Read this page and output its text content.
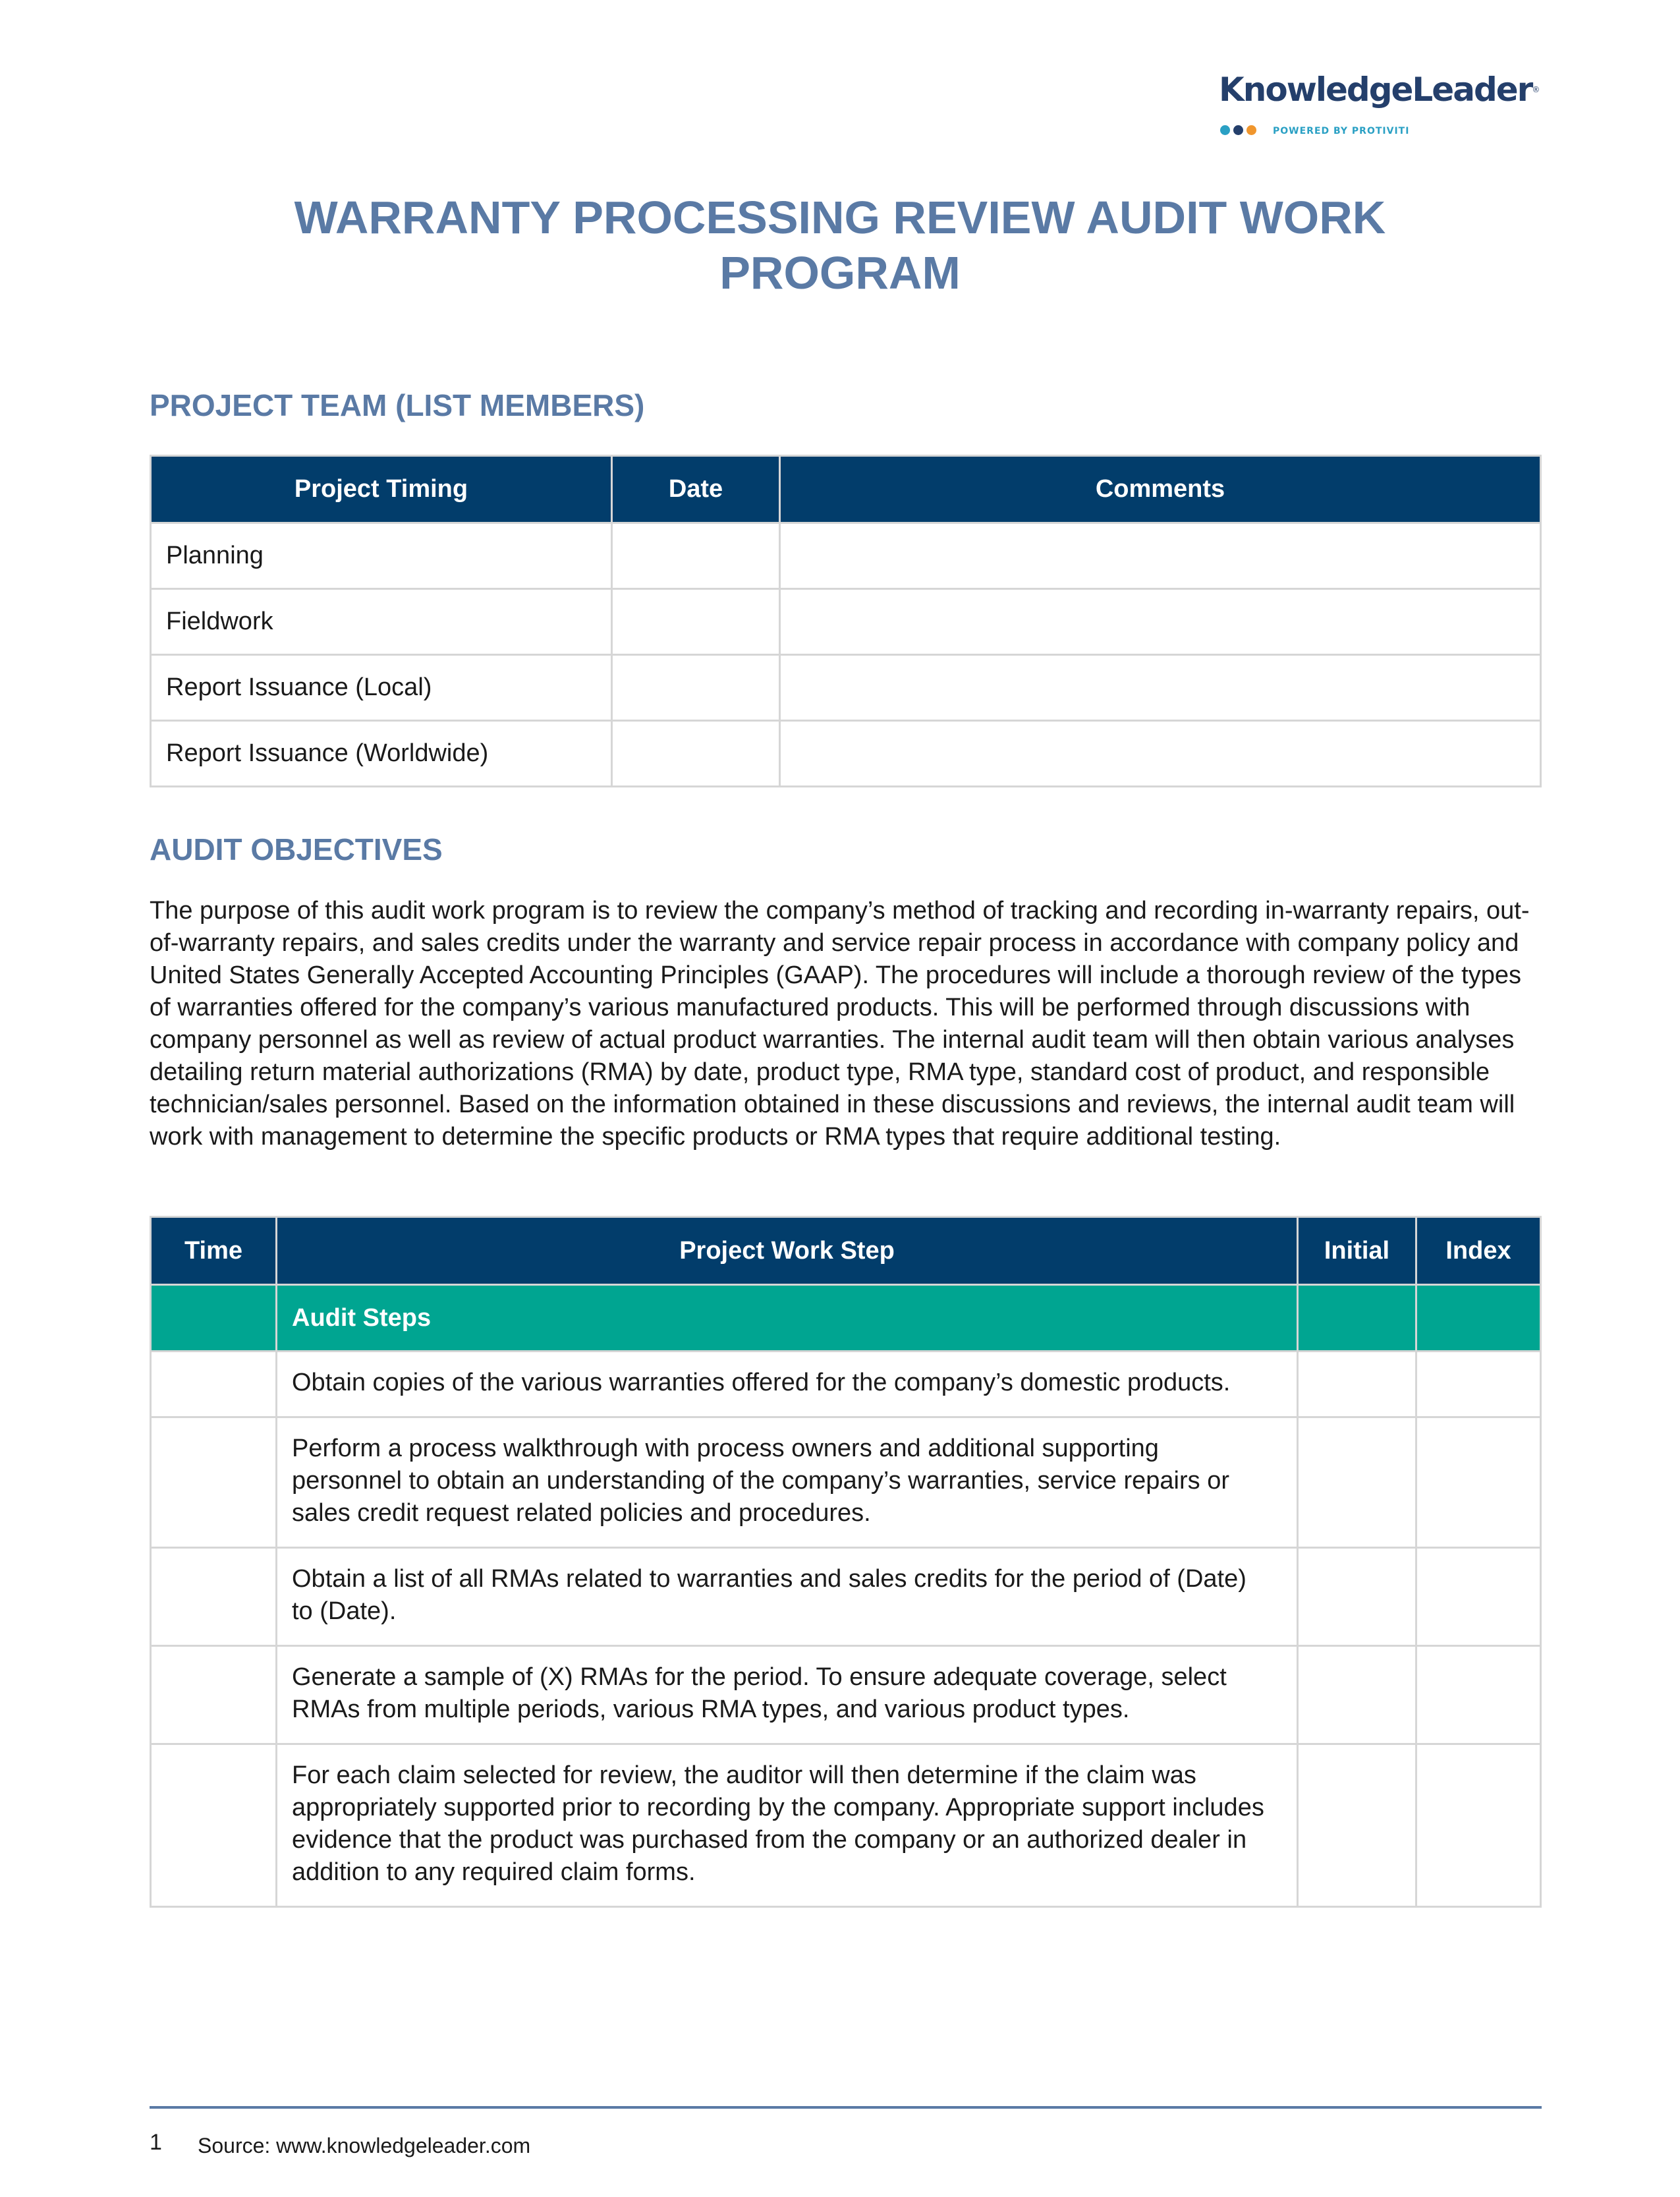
KnowledgeLeader®
POWERED BY PROTIVITI
WARRANTY PROCESSING REVIEW AUDIT WORK PROGRAM
PROJECT TEAM (LIST MEMBERS)
Project Timing	Date	Comments
Planning		
Fieldwork		
Report Issuance (Local)		
Report Issuance (Worldwide)		
AUDIT OBJECTIVES

The purpose of this audit work program is to review the company’s method of tracking and recording in-warranty repairs, out-of-warranty repairs, and sales credits under the warranty and service repair process in accordance with company policy and United States Generally Accepted Accounting Principles (GAAP). The procedures will include a thorough review of the types of warranties offered for the company’s various manufactured products. This will be performed through discussions with company personnel as well as review of actual product warranties. The internal audit team will then obtain various analyses detailing return material authorizations (RMA) by date, product type, RMA type, standard cost of product, and responsible technician/sales personnel. Based on the information obtained in these discussions and reviews, the internal audit team will work with management to determine the specific products or RMA types that require additional testing.

Time	Project Work Step	Initial	Index
	Audit Steps		

	Obtain copies of the various warranties offered for the company’s domestic products.		

	Perform a process walkthrough with process owners and additional supporting personnel to obtain an understanding of the company’s warranties, service repairs or sales credit request related policies and procedures.		

	Obtain a list of all RMAs related to warranties and sales credits for the period of (Date) to (Date).		

	Generate a sample of (X) RMAs for the period. To ensure adequate coverage, select RMAs from multiple periods, various RMA types, and various product types.		

	For each claim selected for review, the auditor will then determine if the claim was appropriately supported prior to recording by the company. Appropriate support includes evidence that the product was purchased from the company or an authorized dealer in addition to any required claim forms.		

1 Source: www.knowledgeleader.com
